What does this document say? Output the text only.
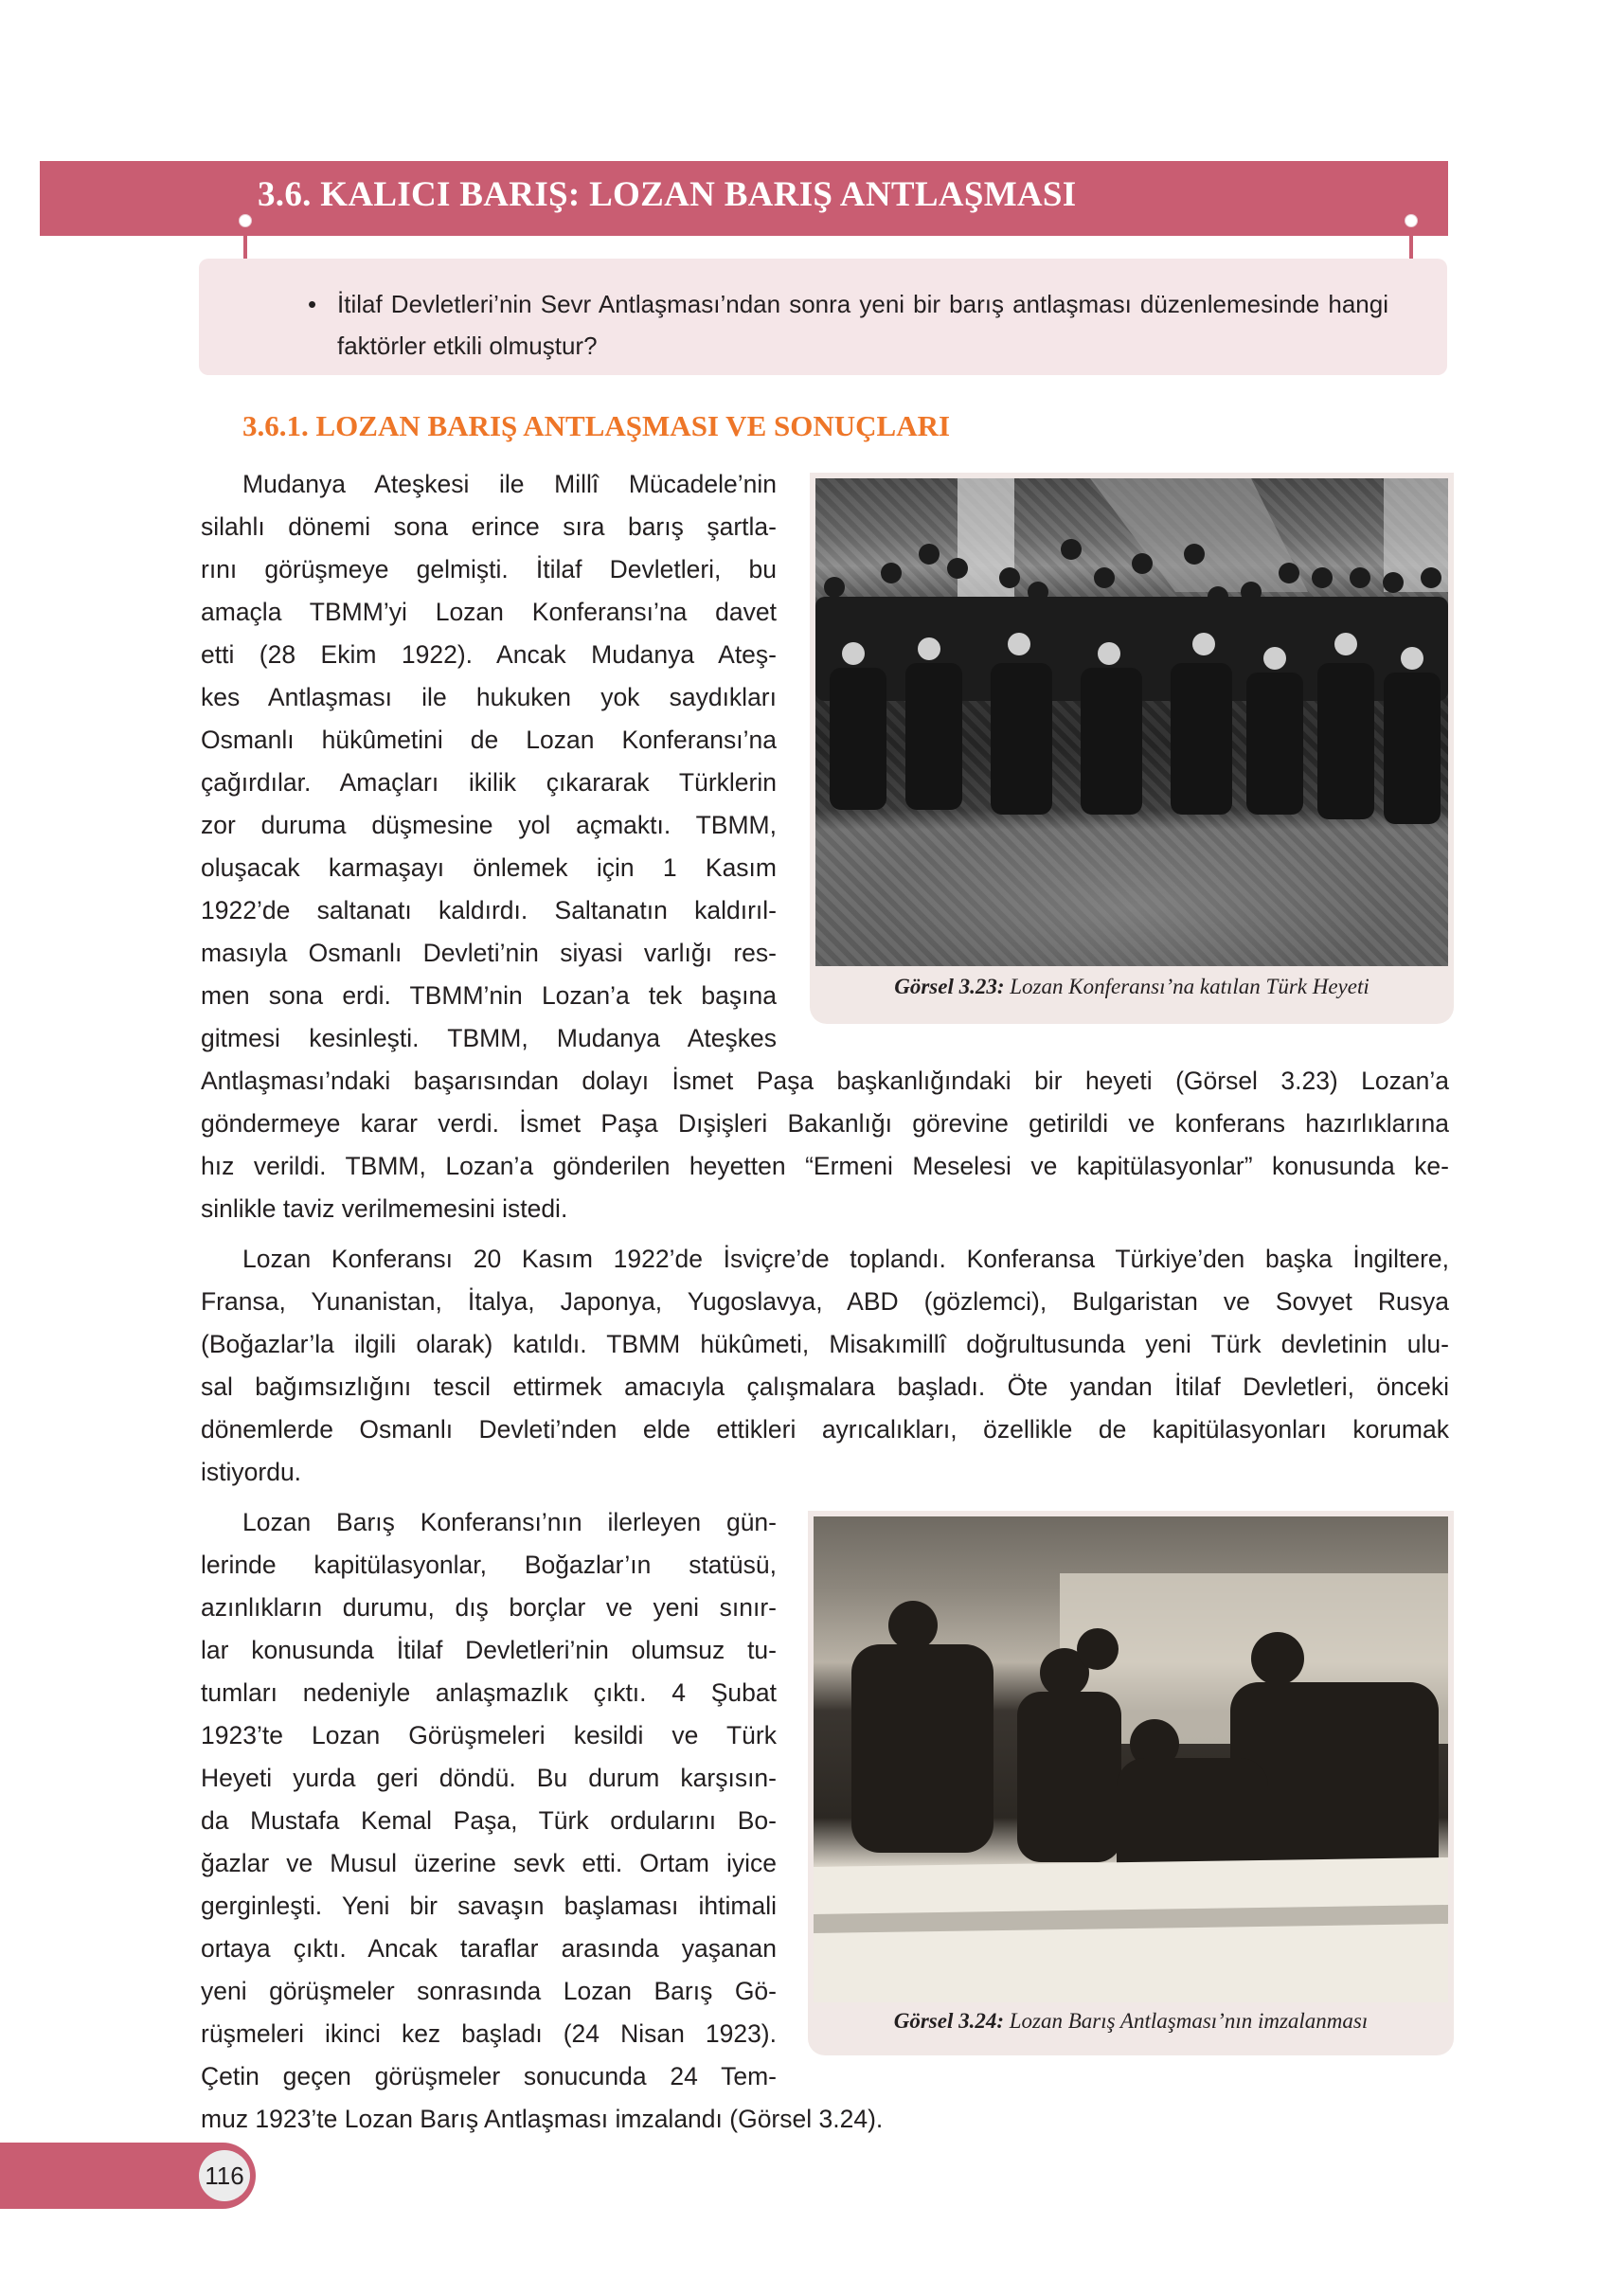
3.6. KALICI BARIŞ: LOZAN BARIŞ ANTLAŞMASI
• İtilaf Devletleri’nin Sevr Antlaşması’ndan sonra yeni bir barış antlaşması düzenlemesinde hangi faktörler etkili olmuştur?
3.6.1. LOZAN BARIŞ ANTLAŞMASI VE SONUÇLARI
Mudanya Ateşkesi ile Millî Mücadele’nin
silahlı dönemi sona erince sıra barış şartla-
rını görüşmeye gelmişti. İtilaf Devletleri, bu
amaçla TBMM’yi Lozan Konferansı’na davet
etti (28 Ekim 1922). Ancak Mudanya Ateş-
kes Antlaşması ile hukuken yok saydıkları
Osmanlı hükûmetini de Lozan Konferansı’na
çağırdılar. Amaçları ikilik çıkararak Türklerin
zor duruma düşmesine yol açmaktı. TBMM,
oluşacak karmaşayı önlemek için 1 Kasım
1922’de saltanatı kaldırdı. Saltanatın kaldırıl-
masıyla Osmanlı Devleti’nin siyasi varlığı res-
men sona erdi. TBMM’nin Lozan’a tek başına
gitmesi kesinleşti. TBMM, Mudanya Ateşkes
Antlaşması’ndaki başarısından dolayı İsmet Paşa başkanlığındaki bir heyeti (Görsel 3.23) Lozan’a
göndermeye karar verdi. İsmet Paşa Dışişleri Bakanlığı görevine getirildi ve konferans hazırlıklarına
hız verildi. TBMM, Lozan’a gönderilen heyetten “Ermeni Meselesi ve kapitülasyonlar” konusunda ke-
sinlikle taviz verilmemesini istedi.
Lozan Konferansı 20 Kasım 1922’de İsviçre’de toplandı. Konferansa Türkiye’den başka İngiltere,
Fransa, Yunanistan, İtalya, Japonya, Yugoslavya, ABD (gözlemci), Bulgaristan ve Sovyet Rusya
(Boğazlar’la ilgili olarak) katıldı. TBMM hükûmeti, Misakımillî doğrultusunda yeni Türk devletinin ulu-
sal bağımsızlığını tescil ettirmek amacıyla çalışmalara başladı. Öte yandan İtilaf Devletleri, önceki
dönemlerde Osmanlı Devleti’nden elde ettikleri ayrıcalıkları, özellikle de kapitülasyonları korumak
istiyordu.
Lozan Barış Konferansı’nın ilerleyen gün-
lerinde kapitülasyonlar, Boğazlar’ın statüsü,
azınlıkların durumu, dış borçlar ve yeni sınır-
lar konusunda İtilaf Devletleri’nin olumsuz tu-
tumları nedeniyle anlaşmazlık çıktı. 4 Şubat
1923’te Lozan Görüşmeleri kesildi ve Türk
Heyeti yurda geri döndü. Bu durum karşısın-
da Mustafa Kemal Paşa, Türk ordularını Bo-
ğazlar ve Musul üzerine sevk etti. Ortam iyice
gerginleşti. Yeni bir savaşın başlaması ihtimali
ortaya çıktı. Ancak taraflar arasında yaşanan
yeni görüşmeler sonrasında Lozan Barış Gö-
rüşmeleri ikinci kez başladı (24 Nisan 1923).
Çetin geçen görüşmeler sonucunda 24 Tem-
muz 1923’te Lozan Barış Antlaşması imzalandı (Görsel 3.24).
Görsel 3.23: Lozan Konferansı’na katılan Türk Heyeti
Görsel 3.24: Lozan Barış Antlaşması’nın imzalanması
116
